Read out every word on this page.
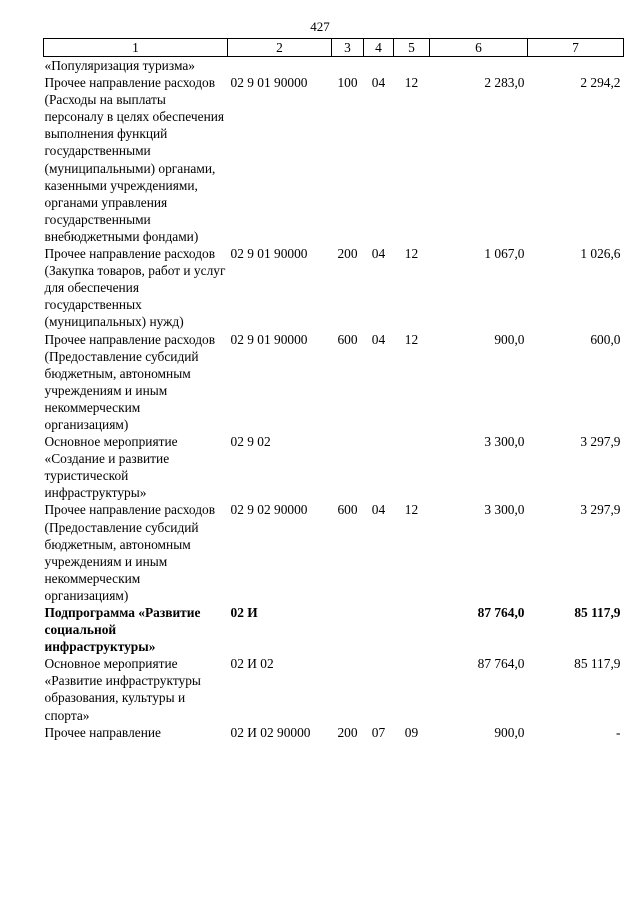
427
1	2	3	4	5	6	7
«Популяризация туризма»						
Прочее направление расходов (Расходы на выплаты персоналу в целях обеспечения выполнения функций государственными (муниципальными) органами, казенными учреждениями, органами управления государственными внебюджетными фондами)	02 9 01 90000	100	04	12	2 283,0	2 294,2
Прочее направление расходов (Закупка товаров, работ и услуг для обеспечения государственных (муниципальных) нужд)	02 9 01 90000	200	04	12	1 067,0	1 026,6
Прочее направление расходов (Предоставление субсидий бюджетным, автономным учреждениям и иным некоммерческим организациям)	02 9 01 90000	600	04	12	900,0	600,0
Основное мероприятие «Создание и развитие туристической инфраструктуры»	02 9 02				3 300,0	3 297,9
Прочее направление расходов (Предоставление субсидий бюджетным, автономным учреждениям и иным некоммерческим организациям)	02 9 02 90000	600	04	12	3 300,0	3 297,9
Подпрограмма «Развитие социальной инфраструктуры»	02 И				87 764,0	85 117,9
Основное мероприятие «Развитие инфраструктуры образования, культуры и спорта»	02 И 02				87 764,0	85 117,9
Прочее направление	02 И 02 90000	200	07	09	900,0	-
